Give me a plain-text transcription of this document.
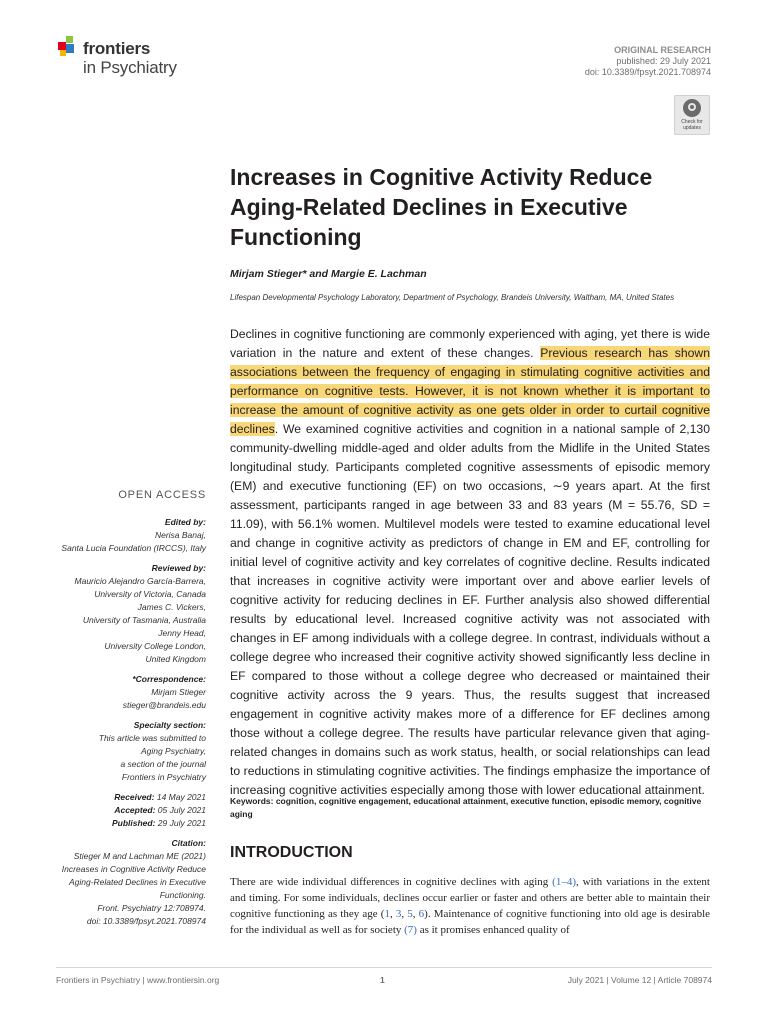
frontiers
in Psychiatry
ORIGINAL RESEARCH
published: 29 July 2021
doi: 10.3389/fpsyt.2021.708974
Check for updates
Increases in Cognitive Activity Reduce Aging-Related Declines in Executive Functioning
Mirjam Stieger* and Margie E. Lachman
Lifespan Developmental Psychology Laboratory, Department of Psychology, Brandeis University, Waltham, MA, United States
Declines in cognitive functioning are commonly experienced with aging, yet there is wide variation in the nature and extent of these changes. Previous research has shown associations between the frequency of engaging in stimulating cognitive activities and performance on cognitive tests. However, it is not known whether it is important to increase the amount of cognitive activity as one gets older in order to curtail cognitive declines. We examined cognitive activities and cognition in a national sample of 2,130 community-dwelling middle-aged and older adults from the Midlife in the United States longitudinal study. Participants completed cognitive assessments of episodic memory (EM) and executive functioning (EF) on two occasions, ∼9 years apart. At the first assessment, participants ranged in age between 33 and 83 years (M = 55.76, SD = 11.09), with 56.1% women. Multilevel models were tested to examine educational level and change in cognitive activity as predictors of change in EM and EF, controlling for initial level of cognitive activity and key correlates of cognitive decline. Results indicated that increases in cognitive activity were important over and above earlier levels of cognitive activity for reducing declines in EF. Further analysis also showed differential results by educational level. Increased cognitive activity was not associated with changes in EF among individuals with a college degree. In contrast, individuals without a college degree who increased their cognitive activity showed significantly less decline in EF compared to those without a college degree who decreased or maintained their cognitive activity across the 9 years. Thus, the results suggest that increased engagement in cognitive activity makes more of a difference for EF declines among those without a college degree. The results have particular relevance given that aging-related changes in domains such as work status, health, or social relationships can lead to reductions in stimulating cognitive activities. The findings emphasize the importance of increasing cognitive activities especially among those with lower educational attainment.
Keywords: cognition, cognitive engagement, educational attainment, executive function, episodic memory, cognitive aging
INTRODUCTION
There are wide individual differences in cognitive declines with aging (1–4), with variations in the extent and timing. For some individuals, declines occur earlier or faster and others are better able to maintain their cognitive functioning as they age (1, 3, 5, 6). Maintenance of cognitive functioning into old age is desirable for the individual as well as for society (7) as it promises enhanced quality of
OPEN ACCESS
Edited by:
Nerisa Banaj,
Santa Lucia Foundation (IRCCS), Italy
Reviewed by:
Mauricio Alejandro García-Barrera,
University of Victoria, Canada
James C. Vickers,
University of Tasmania, Australia
Jenny Head,
University College London,
United Kingdom
*Correspondence:
Mirjam Stieger
stieger@brandeis.edu
Specialty section:
This article was submitted to
Aging Psychiatry,
a section of the journal
Frontiers in Psychiatry
Received: 14 May 2021
Accepted: 05 July 2021
Published: 29 July 2021
Citation:
Stieger M and Lachman ME (2021)
Increases in Cognitive Activity Reduce
Aging-Related Declines in Executive
Functioning.
Front. Psychiatry 12:708974.
doi: 10.3389/fpsyt.2021.708974
Frontiers in Psychiatry | www.frontiersin.org	1	July 2021 | Volume 12 | Article 708974
